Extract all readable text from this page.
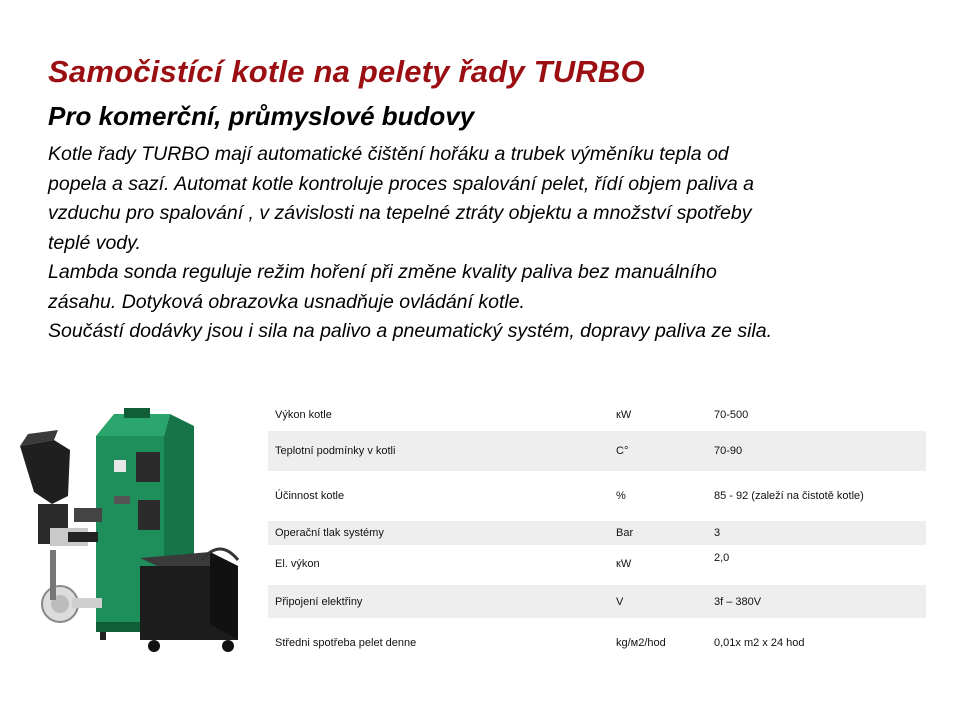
Samočistící kotle na pelety řady TURBO
Pro komerční, průmyslové budovy
Kotle řady TURBO mají automatické čištění hořáku a trubek výměníku tepla od
popela a sazí. Automat kotle kontroluje proces spalování pelet, řídí objem paliva a
vzduchu pro spalování , v závislosti na tepelné ztráty objektu a množství spotřeby
teplé vody.
Lambda sonda reguluje režim hoření při změne kvality paliva bez manuálního
zásahu. Dotyková obrazovka usnadňuje ovládání kotle.
Součástí dodávky jsou i sila na palivo a pneumatický systém, dopravy paliva ze sila.
Výkon kotle	кW	70-500
Teplotní podmínky v kotli	C°	70-90
Účinnost kotle	%	85 - 92 (zaleží na čistotě kotle)
Operační tlak systémy	Bar	3
El. výkon	кW	2,0
Připojení elektřiny	V	3f – 380V
Středni spotřeba pelet denne	kg/м2/hod	0,01x m2 x 24 hod
